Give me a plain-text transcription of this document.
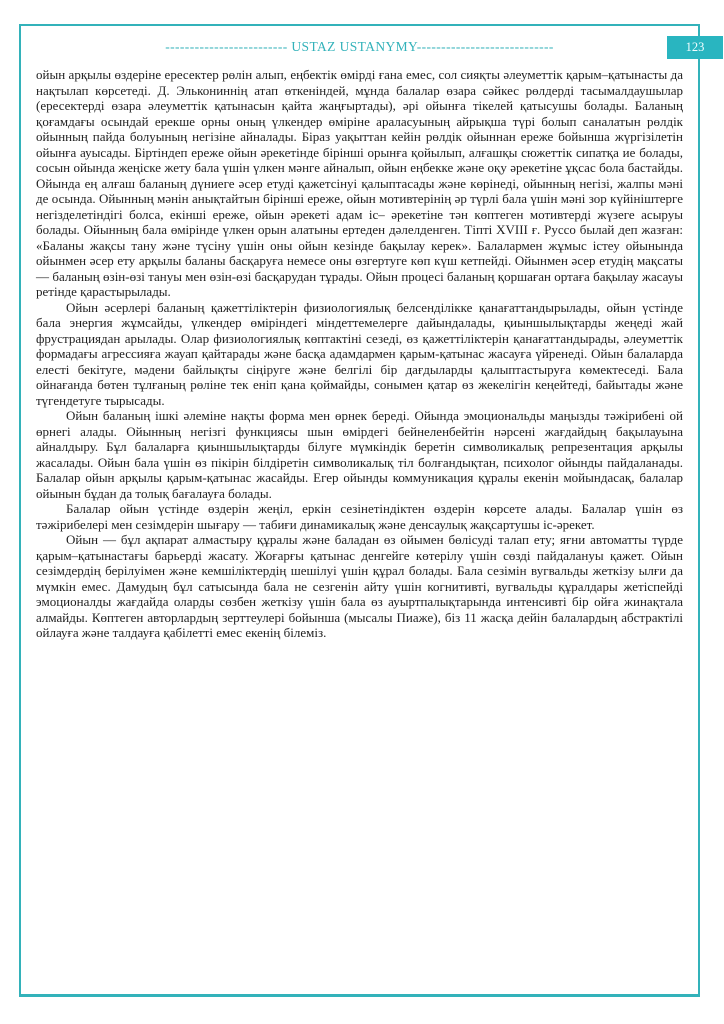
------------------------- USTAZ USTANYMY----------------------------

ойын арқылы өздеріне ересектер рөлін алып, еңбектік өмірді ғана емес, сол сияқты әлеуметтік қарым–қатынасты да нақтылап көрсетеді. Д. Элькониннің атап өткеніндей, мұнда балалар өзара сәйкес рөлдерді тасымалдаушылар (ересектерді өзара әлеуметтік қатынасын қайта жаңғыртады), әрі ойынға тікелей қатысушы болады. Баланың қоғамдағы осындай ерекше орны оның үлкендер өміріне араласуының айрықша түрі болып саналатын рөлдік ойынның пайда болуының негізіне айналады. Біраз уақыттан кейін рөлдік ойыннан ереже бойынша жүргізілетін ойынға ауысады. Біртіндеп ереже ойын әрекетінде бірінші орынға қойылып, алғашқы сюжеттік сипатқа ие болады, сосын ойында жеңіске жету бала үшін үлкен мәнге айналып, ойын еңбекке және оқу әрекетіне ұқсас бола бастайды. Ойында ең алғаш баланың дүниеге әсер етуді қажетсінуі қалыптасады және көрінеді, ойынның негізі, жалпы мәні де осында. Ойынның мәнін анықтайтын бірінші ереже, ойын мотивтерінің әр түрлі бала үшін мәні зор күйініштерге негізделетіндігі болса, екінші ереже, ойын әрекеті адам іс– әрекетіне тән көптеген мотивтерді жүзеге асыруы болады. Ойынның бала өмірінде үлкен орын алатыны ертеден дәлелденген. Тіпті XVIII ғ. Руссо былай деп жазған: «Баланы жақсы тану және түсіну үшін оны ойын кезінде бақылау керек». Балалармен жұмыс істеу ойынында ойынмен әсер ету арқылы баланы басқаруға немесе оны өзгертуге көп күш кетпейді. Ойынмен әсер етудің мақсаты — баланың өзін-өзі тануы мен өзін-өзі басқарудан тұрады. Ойын процесі баланың қоршаған ортаға бақылау жасауы ретінде қарастырылады.

Ойын әсерлері баланың қажеттіліктерін физиологиялық белсенділікке қанағаттандырылады, ойын үстінде бала энергия жұмсайды, үлкендер өміріндегі міндеттемелерге дайындалады, қиыншылықтарды жеңеді жай фрустрациядан арылады. Олар физиологиялық көптактіні сезеді, өз қажеттіліктерін қанағаттандырады, әлеуметтік формадағы агрессияға жауап қайтарады және басқа адамдармен қарым-қатынас жасауға үйренеді. Ойын балаларда елесті бекітуге, мәдени байлықты сіңіруге және белгілі бір дағдыларды қалыптастыруға көмектеседі. Бала ойнағанда бөтен тұлғаның рөліне тек еніп қана қоймайды, сонымен қатар өз жекелігін кеңейтеді, байытады және түгендетуге тырысады.

Ойын баланың ішкі әлеміне нақты форма мен өрнек береді. Ойында эмоциональды маңызды тәжірибені ой өрнегі алады. Ойынның негізгі функциясы шын өмірдегі бейнеленбейтін нәрсені жағдайдың бақылауына айналдыру. Бұл балаларға қиыншылықтарды білуге мүмкіндік беретін символикалық репрезентация арқылы жасалады. Ойын бала үшін өз пікірін білдіретін символикалық тіл болғандықтан, психолог ойынды пайдаланады. Балалар ойын арқылы қарым-қатынас жасайды. Егер ойынды коммуникация құралы екенін мойындасақ, балалар ойынын бұдан да толық бағалауға болады.

Балалар ойын үстінде өздерін жеңіл, еркін сезінетіндіктен өздерін көрсете алады. Балалар үшін өз тәжірибелері мен сезімдерін шығару — табиғи динамикалық және денсаулық жақсартушы іс-әрекет.

Ойын — бұл ақпарат алмастыру құралы және баладан өз ойымен бөлісуді талап ету; яғни автоматты түрде қарым–қатынастағы барьерді жасату. Жоғарғы қатынас денгейге көтерілу үшін сөзді пайдалануы қажет. Ойын сезімдердің берілуімен және кемшіліктердің шешілуі үшін құрал болады. Бала сезімін вугвальды жеткізу ылғи да мүмкін емес. Дамудың бұл сатысында бала не сезгенін айту үшін когнитивті, вугвальды құралдары жетіспейді эмоционалды жағдайда оларды сөзбен жеткізу үшін бала өз ауыртпалықтарында интенсивті бір ойға жинақтала алмайды. Көптеген авторлардың зерттеулері бойынша (мысалы Пиаже), біз 11 жасқа дейін балалардың абстрактілі ойлауға және талдауға қабілетті емес екенің білеміз.

123
